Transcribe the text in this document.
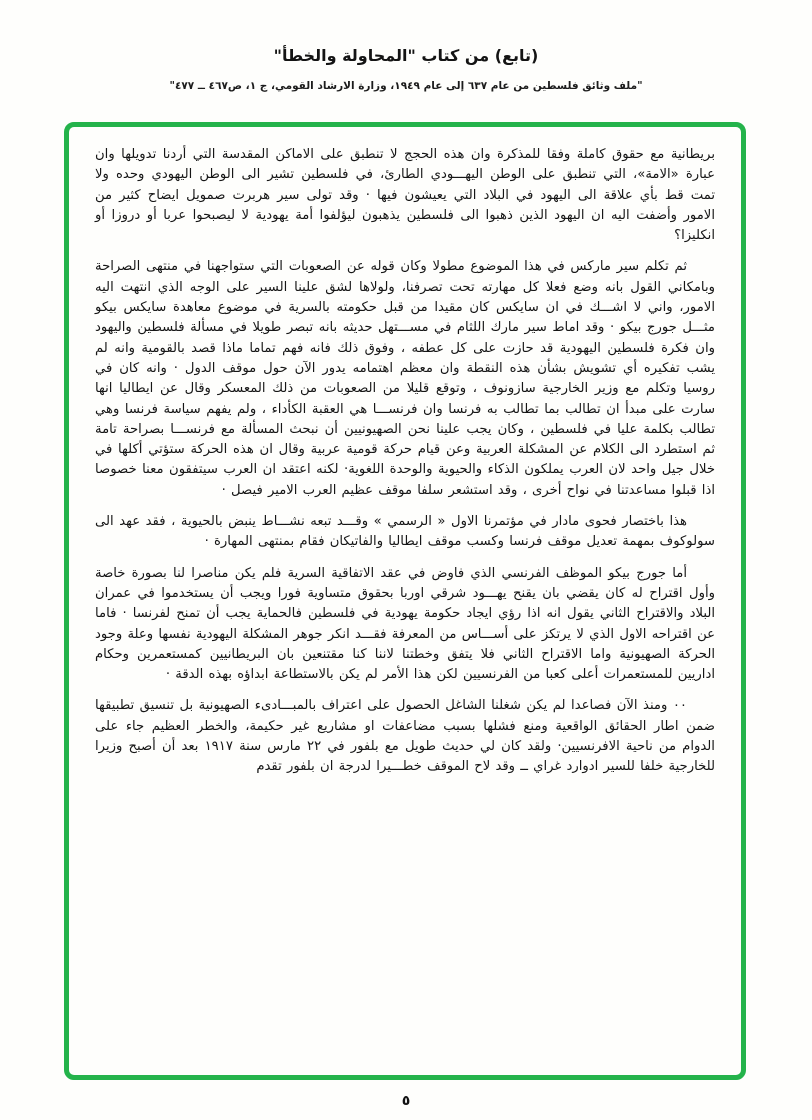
(تابع) من كتاب "المحاولة والخطأ"
"ملف وثائق فلسطين من عام ٦٣٧ إلى عام ١٩٤٩، وزارة الارشاد القومي، ج ١، ص٤٦٧ ــ ٤٧٧"

بريطانية مع حقوق كاملة وفقا للمذكرة وان هذه الحجج لا تنطبق على الاماكن المقدسة التي أردنا تدويلها وان عبارة «الامة»، التي تنطبق على الوطن اليهـــودي الطارئ، في فلسطين تشير الى الوطن اليهودي وحده ولا تمت قط بأي علاقة الى اليهود في البلاد التي يعيشون فيها · وقد تولى سير هربرت صمويل ايضاح كثير من الامور وأضفت اليه ان اليهود الذين ذهبوا الى فلسطين يذهبون ليؤلفوا أمة يهودية لا ليصبحوا عربا أو دروزا أو انكليزا؟

ثم تكلم سير ماركس في هذا الموضوع مطولا وكان قوله عن الصعوبات التي ستواجهنا في منتهى الصراحة وبامكاني القول بانه وضع فعلا كل مهارته تحت تصرفنا، ولولاها لشق علينا السير على الوجه الذي انتهت اليه الامور، واني لا اشـــك في ان سايكس كان مقيدا من قبل حكومته بالسرية في موضوع معاهدة سايكس بيكو مثـــل جورج بيكو · وقد اماط سير مارك اللثام في مســـتهل حديثه بانه تبصر طويلا في مسألة فلسطين واليهود وان فكرة فلسطين اليهودية قد حازت على كل عطفه ، وفوق ذلك فانه فهم تماما ماذا قصد بالقومية وانه لم يشب تفكيره أي تشويش بشأن هذه النقطة وان معظم اهتمامه يدور الآن حول موقف الدول · وانه كان في روسيا وتكلم مع وزير الخارجية سازونوف ، وتوقع قليلا من الصعوبات من ذلك المعسكر وقال عن ايطاليا انها سارت على مبدأ ان تطالب بما تطالب به فرنسا وان فرنســـا هي العقبة الكأداء ، ولم يفهم سياسة فرنسا وهي تطالب بكلمة عليا في فلسطين ، وكان يجب علينا نحن الصهيونيين أن نبحث المسألة مع فرنســـا بصراحة تامة ثم استطرد الى الكلام عن المشكلة العربية وعن قيام حركة قومية عربية وقال ان هذه الحركة ستؤتي أكلها في خلال جيل واحد لان العرب يملكون الذكاء والحيوية والوحدة اللغوية· لكنه اعتقد ان العرب سيتفقون معنا خصوصا اذا قبلوا مساعدتنا في نواح أخرى ، وقد استشعر سلفا موقف عظيم العرب الامير فيصل ·

هذا باختصار فحوى مادار في مؤتمرنا الاول « الرسمي » وقـــد تبعه نشـــاط ينبض بالحيوية ، فقد عهد الى سولوكوف بمهمة تعديل موقف فرنسا وكسب موقف ايطاليا والفاتيكان فقام بمنتهى المهارة ·

أما جورج بيكو الموظف الفرنسي الذي فاوض في عقد الاتفاقية السرية فلم يكن مناصرا لنا بصورة خاصة وأول اقتراح له كان يقضي بان يقنح يهـــود شرقي اوربا بحقوق متساوية فورا ويجب أن يستخدموا في عمران البلاد والاقتراح الثاني يقول انه اذا رؤي ايجاد حكومة يهودية في فلسطين فالحماية يجب أن تمنح لفرنسا · فاما عن اقتراحه الاول الذي لا يرتكز على أســـاس من المعرفة فقـــد انكر جوهر المشكلة اليهودية نفسها وعلة وجود الحركة الصهيونية واما الاقتراح الثاني فلا يتفق وخطتنا لاننا كنا مقتنعين بان البريطانيين كمستعمرين وحكام اداريين للمستعمرات أعلى كعبا من الفرنسيين لكن هذا الأمر لم يكن بالاستطاعة ابداؤه بهذه الدقة ·

٠٠ ومنذ الآن فصاعدا لم يكن شغلنا الشاغل الحصول على اعتراف بالمبـــادىء الصهيونية بل تنسيق تطبيقها ضمن اطار الحقائق الواقعية ومنع فشلها بسبب مضاعفات او مشاريع غير حكيمة، والخطر العظيم جاء على الدوام من ناحية الافرنسيين· ولقد كان لي حديث طويل مع بلفور في ٢٢ مارس سنة ١٩١٧ بعد أن أصبح وزيرا للخارجية خلفا للسير ادوارد غراي ــ وقد لاح الموقف خطـــيرا لدرجة ان بلفور تقدم

٥
